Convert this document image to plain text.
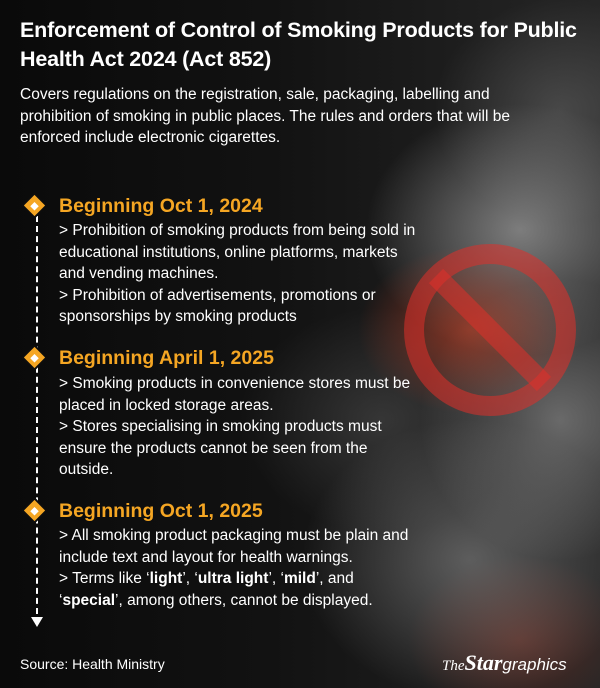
Enforcement of Control of Smoking Products for Public Health Act 2024 (Act 852)
Covers regulations on the registration, sale, packaging, labelling and prohibition of smoking in public places. The rules and orders that will be enforced include electronic cigarettes.
Beginning Oct 1, 2024

> Prohibition of smoking products from being sold in educational institutions, online platforms, markets and vending machines.

> Prohibition of advertisements, promotions or sponsorships by smoking products

Beginning April 1, 2025

> Smoking products in convenience stores must be placed in locked storage areas.

> Stores specialising in smoking products must ensure the products cannot be seen from the outside.

Beginning Oct 1, 2025

> All smoking product packaging must be plain and include text and layout for health warnings.

> Terms like ‘light’, ‘ultra light’, ‘mild’, and ‘special’, among others, cannot be displayed.

Source: Health Ministry	TheStargraphics
